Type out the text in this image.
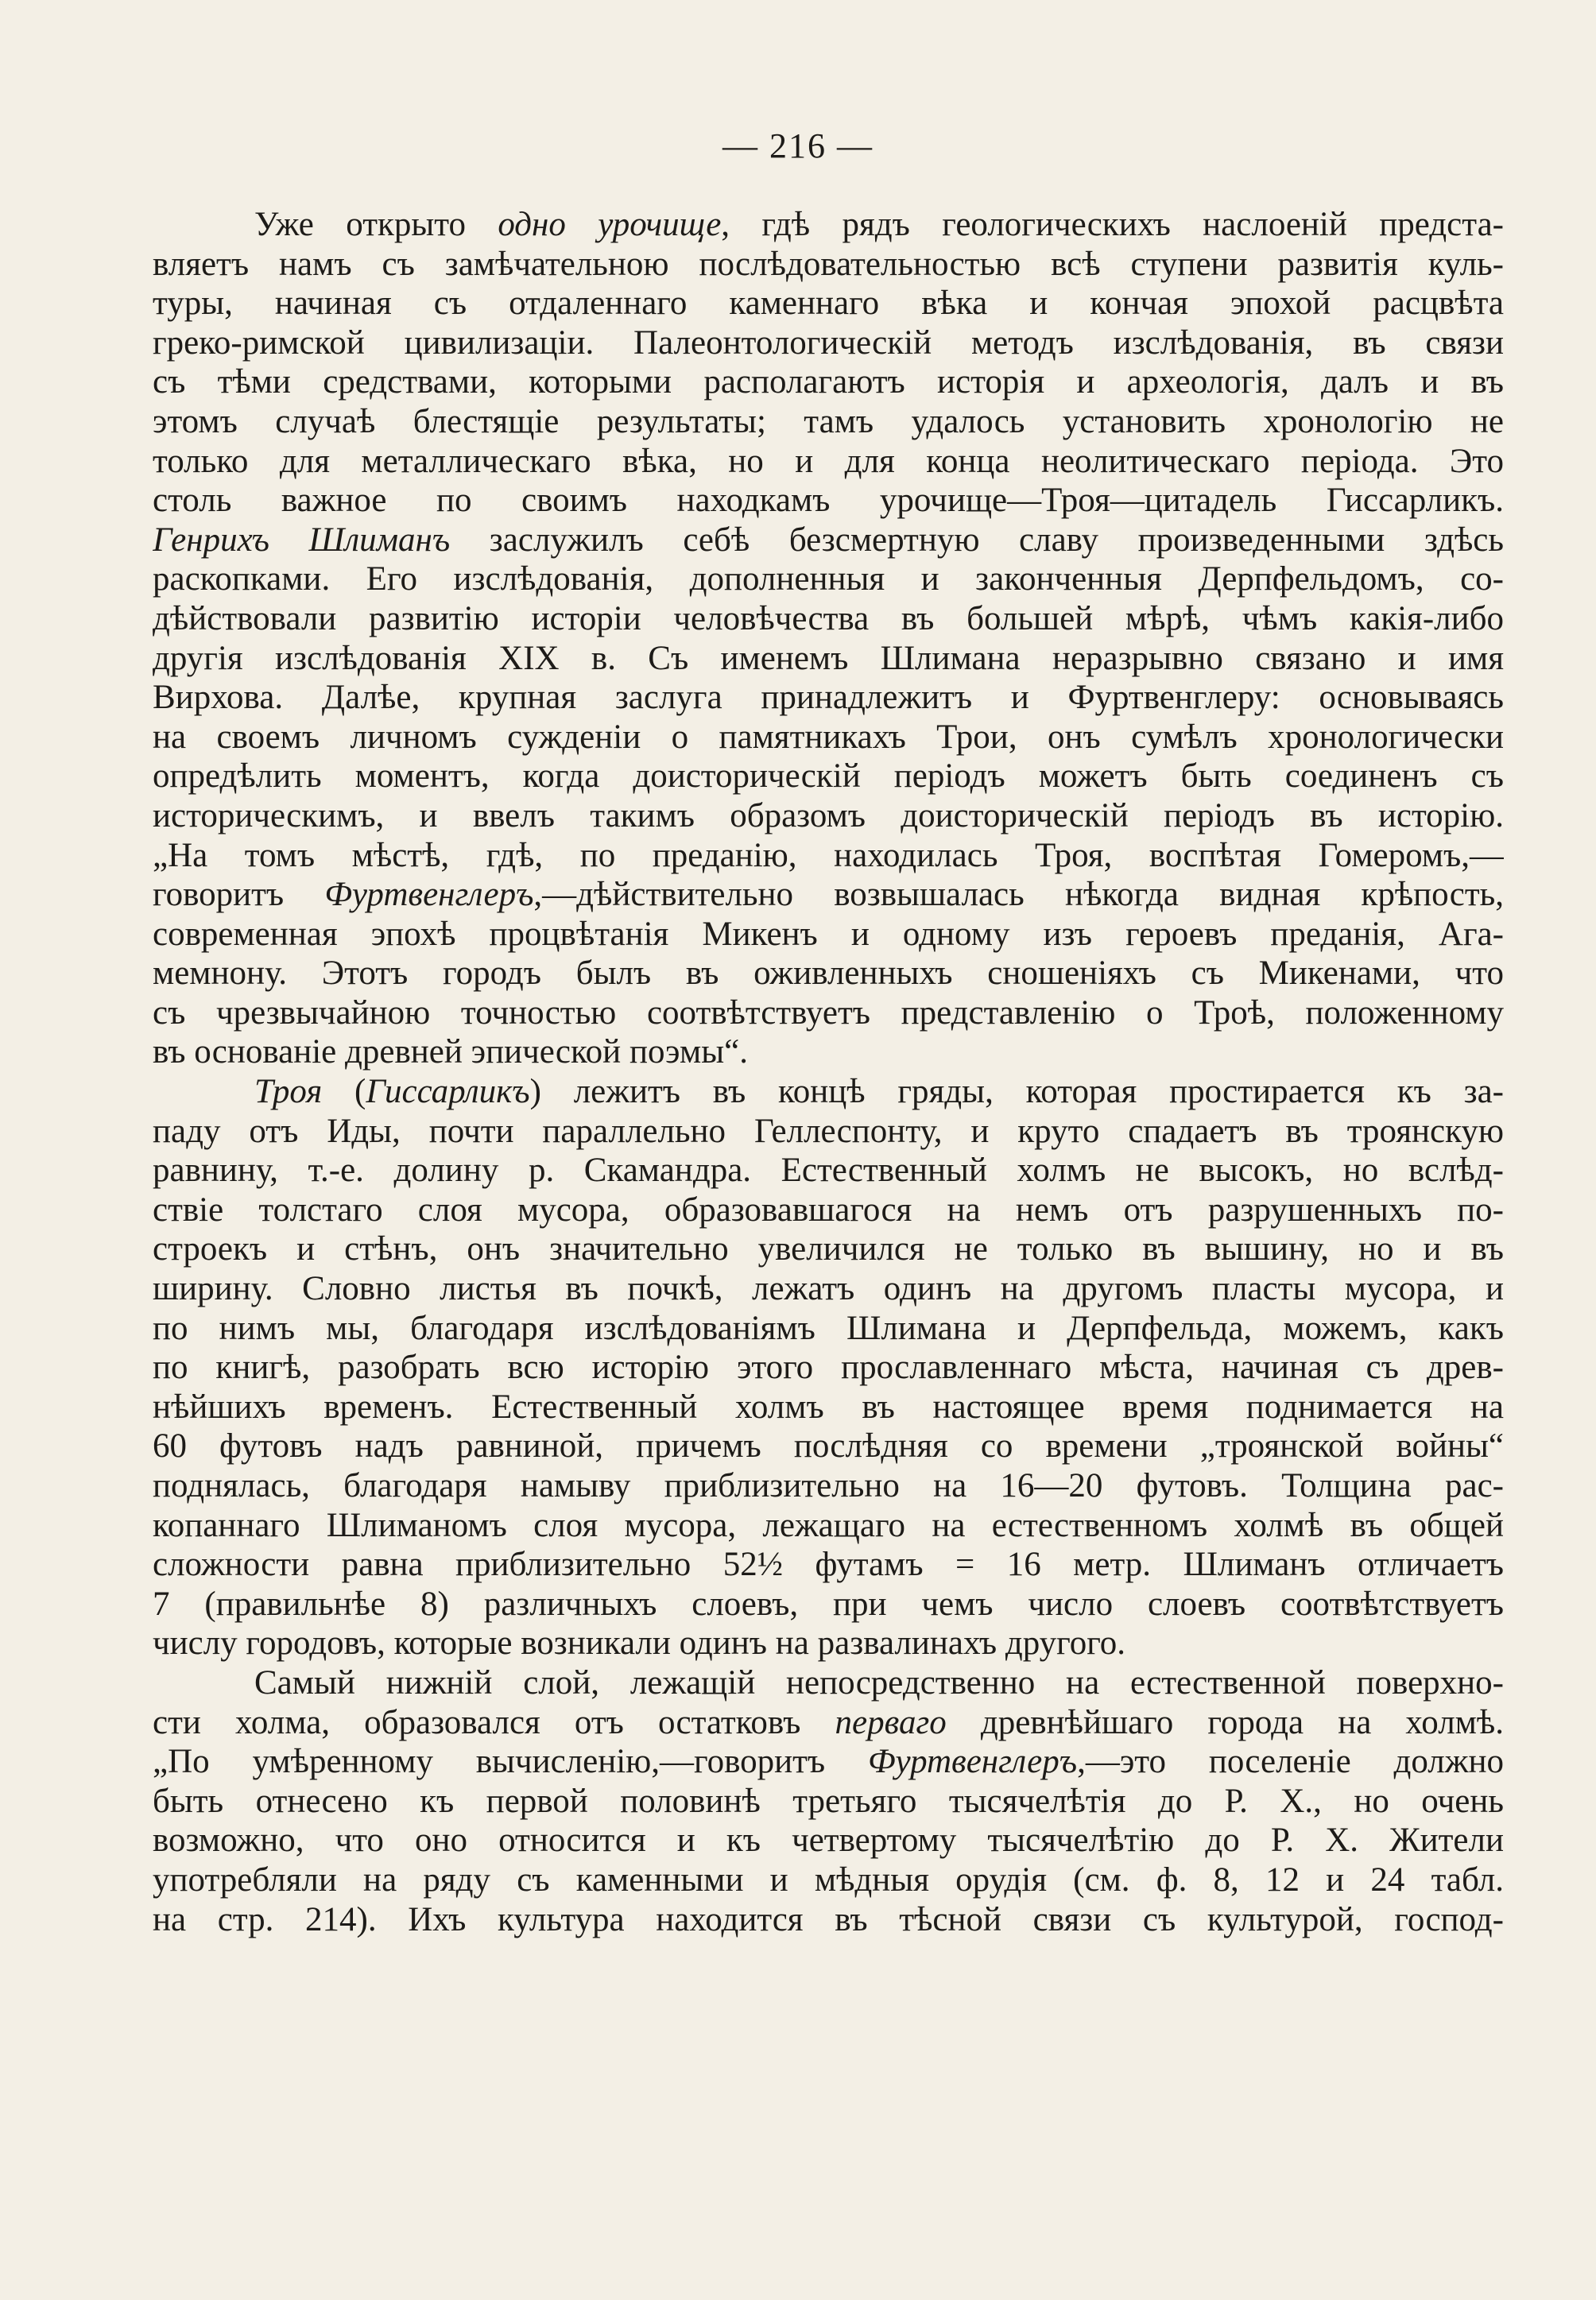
— 216 —
Уже открыто одно урочище, гдѣ рядъ геологическихъ наслоеній предста-
вляетъ намъ съ замѣчательною послѣдовательностью всѣ ступени развитія куль-
туры, начиная съ отдаленнаго каменнаго вѣка и кончая эпохой расцвѣта
греко-римской цивилизаціи. Палеонтологическій методъ изслѣдованія, въ связи
съ тѣми средствами, которыми располагаютъ исторія и археологія, далъ и въ
этомъ случаѣ блестящіе результаты; тамъ удалось установить хронологію не
только для металлическаго вѣка, но и для конца неолитическаго періода. Это
столь важное по своимъ находкамъ урочище—Троя—цитадель Гиссарликъ.
Генрихъ Шлиманъ заслужилъ себѣ безсмертную славу произведенными здѣсь
раскопками. Его изслѣдованія, дополненныя и законченныя Дерпфельдомъ, со-
дѣйствовали развитію исторіи человѣчества въ большей мѣрѣ, чѣмъ какія-либо
другія изслѣдованія XIX в. Съ именемъ Шлимана неразрывно связано и имя
Вирхова. Далѣе, крупная заслуга принадлежитъ и Фуртвенглеру: основываясь
на своемъ личномъ сужденіи о памятникахъ Трои, онъ сумѣлъ хронологически
опредѣлить моментъ, когда доисторическій періодъ можетъ быть соединенъ съ
историческимъ, и ввелъ такимъ образомъ доисторическій періодъ въ исторію.
„На томъ мѣстѣ, гдѣ, по преданію, находилась Троя, воспѣтая Гомеромъ,—
говоритъ Фуртвенглеръ,—дѣйствительно возвышалась нѣкогда видная крѣпость,
современная эпохѣ процвѣтанія Микенъ и одному изъ героевъ преданія, Ага-
мемнону. Этотъ городъ былъ въ оживленныхъ сношеніяхъ съ Микенами, что
съ чрезвычайною точностью соотвѣтствуетъ представленію о Троѣ, положенному
въ основаніе древней эпической поэмы“.
Троя (Гиссарликъ) лежитъ въ концѣ гряды, которая простирается къ за-
паду отъ Иды, почти параллельно Геллеспонту, и круто спадаетъ въ троянскую
равнину, т.-е. долину р. Скамандра. Естественный холмъ не высокъ, но вслѣд-
ствіе толстаго слоя мусора, образовавшагося на немъ отъ разрушенныхъ по-
строекъ и стѣнъ, онъ значительно увеличился не только въ вышину, но и въ
ширину. Словно листья въ почкѣ, лежатъ одинъ на другомъ пласты мусора, и
по нимъ мы, благодаря изслѣдованіямъ Шлимана и Дерпфельда, можемъ, какъ
по книгѣ, разобрать всю исторію этого прославленнаго мѣста, начиная съ древ-
нѣйшихъ временъ. Естественный холмъ въ настоящее время поднимается на
60 футовъ надъ равниной, причемъ послѣдняя со времени „троянской войны“
поднялась, благодаря намыву приблизительно на 16—20 футовъ. Толщина рас-
копаннаго Шлиманомъ слоя мусора, лежащаго на естественномъ холмѣ въ общей
сложности равна приблизительно 52½ футамъ = 16 метр. Шлиманъ отличаетъ
7 (правильнѣе 8) различныхъ слоевъ, при чемъ число слоевъ соотвѣтствуетъ
числу городовъ, которые возникали одинъ на развалинахъ другого.
Самый нижній слой, лежащій непосредственно на естественной поверхно-
сти холма, образовался отъ остатковъ перваго древнѣйшаго города на холмѣ.
„По умѣренному вычисленію,—говоритъ Фуртвенглеръ,—это поселеніе должно
быть отнесено къ первой половинѣ третьяго тысячелѣтія до Р. Х., но очень
возможно, что оно относится и къ четвертому тысячелѣтію до Р. Х. Жители
употребляли на ряду съ каменными и мѣдныя орудія (см. ф. 8, 12 и 24 табл.
на стр. 214). Ихъ культура находится въ тѣсной связи съ культурой, господ-
